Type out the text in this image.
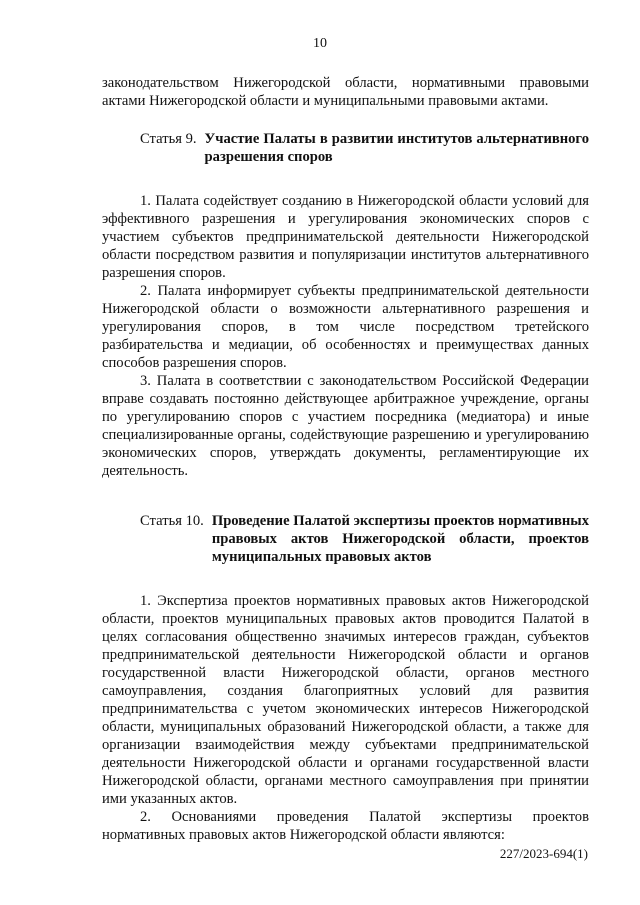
10

законодательством Нижегородской области, нормативными правовыми актами Нижегородской области и муниципальными правовыми актами.

Статья 9. Участие Палаты в развитии институтов альтернативного разрешения споров

1. Палата содействует созданию в Нижегородской области условий для эффективного разрешения и урегулирования экономических споров с участием субъектов предпринимательской деятельности Нижегородской области посредством развития и популяризации институтов альтернативного разрешения споров.

2. Палата информирует субъекты предпринимательской деятельности Нижегородской области о возможности альтернативного разрешения и урегулирования споров, в том числе посредством третейского разбирательства и медиации, об особенностях и преимуществах данных способов разрешения споров.

3. Палата в соответствии с законодательством Российской Федерации вправе создавать постоянно действующее арбитражное учреждение, органы по урегулированию споров с участием посредника (медиатора) и иные специализированные органы, содействующие разрешению и урегулированию экономических споров, утверждать документы, регламентирующие их деятельность.

Статья 10. Проведение Палатой экспертизы проектов нормативных правовых актов Нижегородской области, проектов муниципальных правовых актов

1. Экспертиза проектов нормативных правовых актов Нижегородской области, проектов муниципальных правовых актов проводится Палатой в целях согласования общественно значимых интересов граждан, субъектов предпринимательской деятельности Нижегородской области и органов государственной власти Нижегородской области, органов местного самоуправления, создания благоприятных условий для развития предпринимательства с учетом экономических интересов Нижегородской области, муниципальных образований Нижегородской области, а также для организации взаимодействия между субъектами предпринимательской деятельности Нижегородской области и органами государственной власти Нижегородской области, органами местного самоуправления при принятии ими указанных актов.

2. Основаниями проведения Палатой экспертизы проектов нормативных правовых актов Нижегородской области являются:

227/2023-694(1)
